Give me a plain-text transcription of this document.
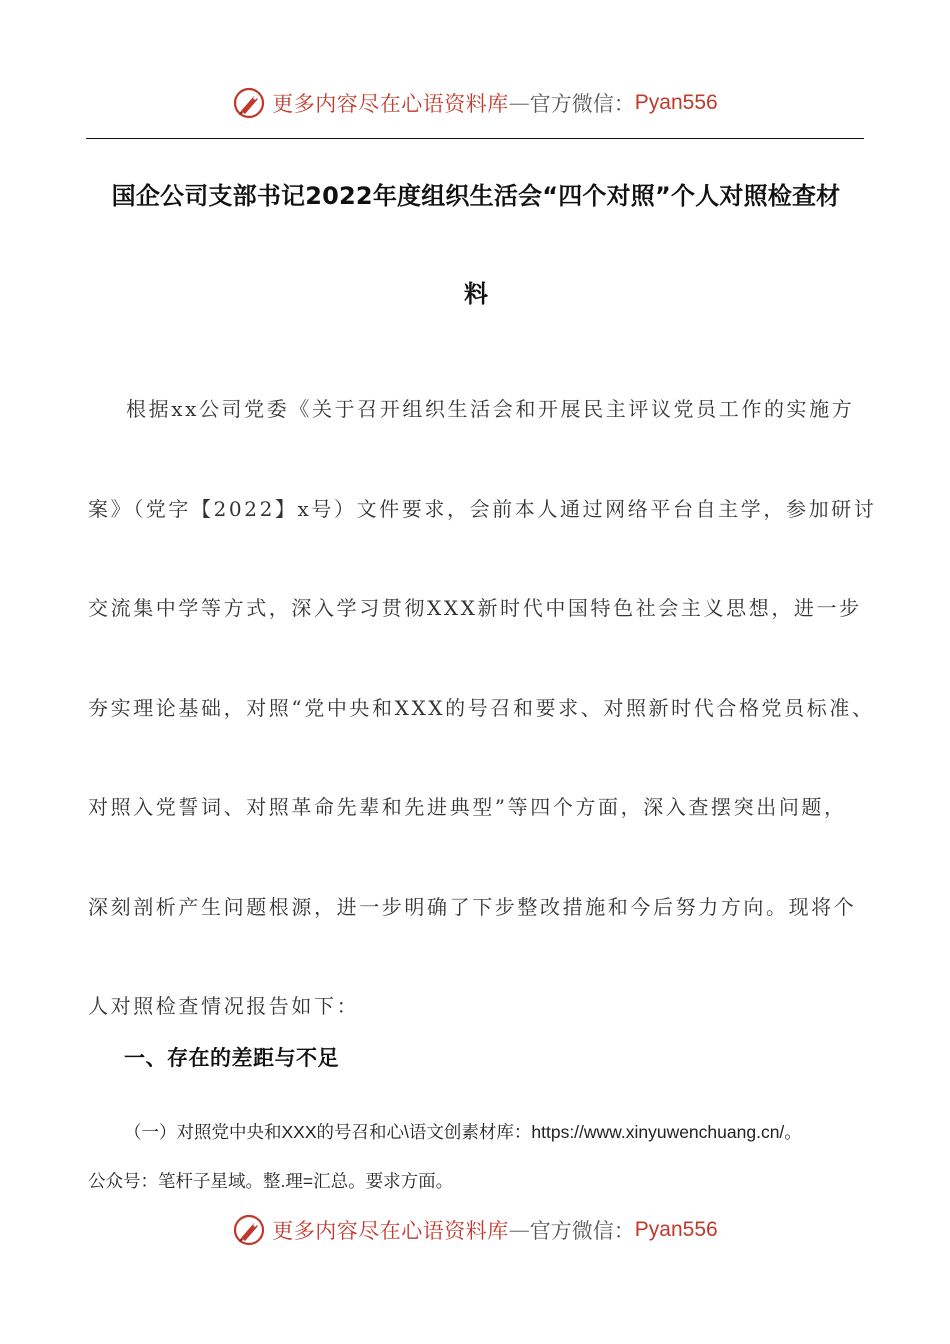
更多内容尽在心语资料库 — 官方微信： Pyan556
国企公司支部书记2022年度组织生活会“四个对照”个人对照检查材
料
根据xx公司党委《关于召开组织生活会和开展民主评议党员工作的实施方
案》（党字【2022】x号）文件要求，会前本人通过网络平台自主学，参加研讨
交流集中学等方式，深入学习贯彻XXX新时代中国特色社会主义思想，进一步
夯实理论基础，对照“党中央和XXX的号召和要求、对照新时代合格党员标准、
对照入党誓词、对照革命先辈和先进典型”等四个方面，深入查摆突出问题，
深刻剖析产生问题根源，进一步明确了下步整改措施和今后努力方向。现将个
人对照检查情况报告如下：
一、存在的差距与不足
（一）对照党中央和XXX的号召和心\语文创素材库：https://www.xinyuwenchuang.cn/。
公众号：笔杆子星域。整.理=汇总。要求方面。
更多内容尽在心语资料库 — 官方微信： Pyan556
